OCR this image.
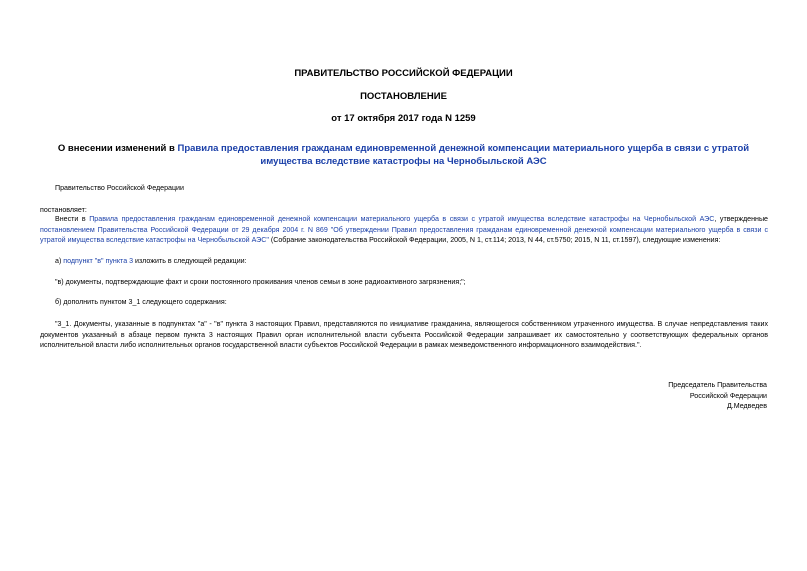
ПРАВИТЕЛЬСТВО РОССИЙСКОЙ ФЕДЕРАЦИИ
ПОСТАНОВЛЕНИЕ
от 17 октября 2017 года N 1259
О внесении изменений в Правила предоставления гражданам единовременной денежной компенсации материального ущерба в связи с утратой имущества вследствие катастрофы на Чернобыльской АЭС
Правительство Российской Федерации
постановляет:
Внести в Правила предоставления гражданам единовременной денежной компенсации материального ущерба в связи с утратой имущества вследствие катастрофы на Чернобыльской АЭС, утвержденные постановлением Правительства Российской Федерации от 29 декабря 2004 г. N 869 "Об утверждении Правил предоставления гражданам единовременной денежной компенсации материального ущерба в связи с утратой имущества вследствие катастрофы на Чернобыльской АЭС" (Собрание законодательства Российской Федерации, 2005, N 1, ст.114; 2013, N 44, ст.5750; 2015, N 11, ст.1597), следующие изменения:
а) подпункт "в" пункта 3 изложить в следующей редакции:
"в) документы, подтверждающие факт и сроки постоянного проживания членов семьи в зоне радиоактивного загрязнения;";
б) дополнить пунктом 3_1 следующего содержания:
"3_1. Документы, указанные в подпунктах "а" - "в" пункта 3 настоящих Правил, представляются по инициативе гражданина, являющегося собственником утраченного имущества. В случае непредставления таких документов указанный в абзаце первом пункта 3 настоящих Правил орган исполнительной власти субъекта Российской Федерации запрашивает их самостоятельно у соответствующих федеральных органов исполнительной власти либо исполнительных органов государственной власти субъектов Российской Федерации в рамках межведомственного информационного взаимодействия.".
Председатель Правительства
Российской Федерации
Д.Медведев
